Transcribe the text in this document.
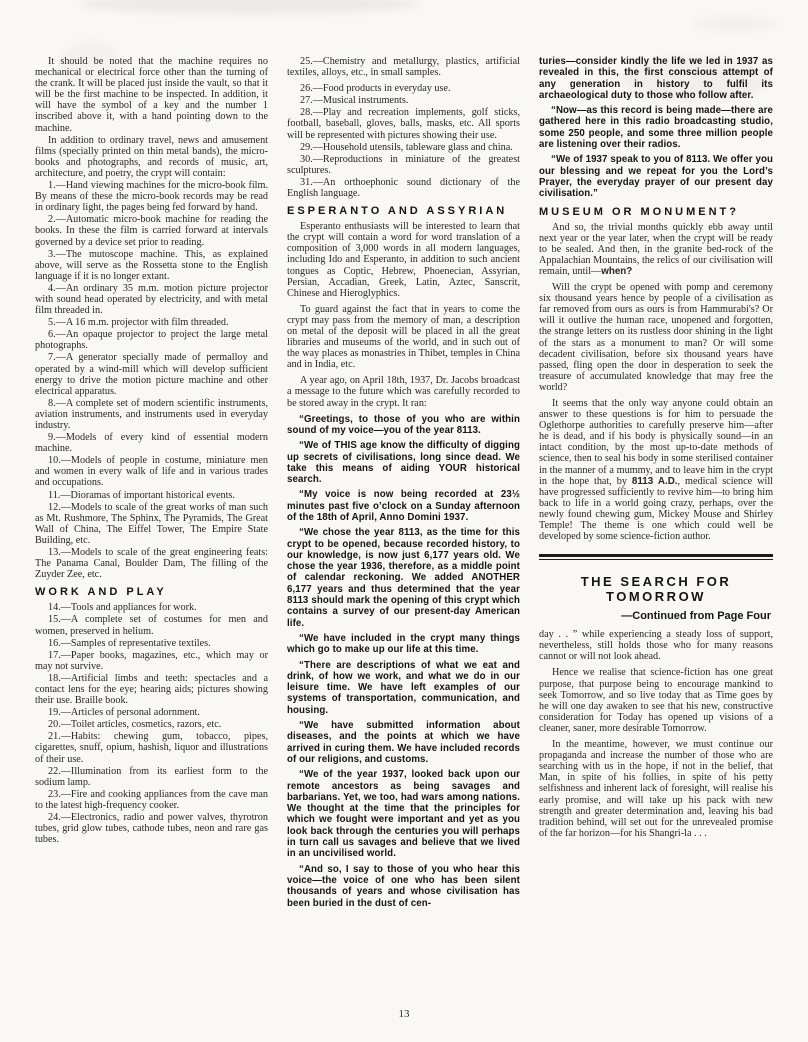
It should be noted that the machine requires no mechanical or electrical force other than the turning of the crank. It will be placed just inside the vault, so that it will be the first machine to be inspected. In addition, it will have the symbol of a key and the number 1 inscribed above it, with a hand pointing down to the machine.

In addition to ordinary travel, news and amusement films (specially printed on thin metal bands), the micro-books and photographs, and records of music, art, architecture, and poetry, the crypt will contain:

1.—Hand viewing machines for the micro-book film. By means of these the micro-book records may be read in ordinary light, the pages being fed forward by hand.

2.—Automatic micro-book machine for reading the books. In these the film is carried forward at intervals governed by a device set prior to reading.

3.—The mutoscope machine. This, as explained above, will serve as the Rossetta stone to the English language if it is no longer extant.

4.—An ordinary 35 m.m. motion picture projector with sound head operated by electricity, and with metal film threaded in.

5.—A 16 m.m. projector with film threaded.

6.—An opaque projector to project the large metal photographs.

7.—A generator specially made of permalloy and operated by a wind-mill which will develop sufficient energy to drive the motion picture machine and other electrical apparatus.

8.—A complete set of modern scientific instruments, aviation instruments, and instruments used in everyday industry.

9.—Models of every kind of essential modern machine.

10.—Models of people in costume, miniature men and women in every walk of life and in various trades and occupations.

11.—Dioramas of important historical events.

12.—Models to scale of the great works of man such as Mt. Rushmore, The Sphinx, The Pyramids, The Great Wall of China, The Eiffel Tower, The Empire State Building, etc.

13.—Models to scale of the great engineering feats: The Panama Canal, Boulder Dam, The filling of the Zuyder Zee, etc.

WORK AND PLAY

14.—Tools and appliances for work.

15.—A complete set of costumes for men and women, preserved in helium.

16.—Samples of representative textiles.

17.—Paper books, magazines, etc., which may or may not survive.

18.—Artificial limbs and teeth: spectacles and a contact lens for the eye; hearing aids; pictures showing their use. Braille book.

19.—Articles of personal adornment.

20.—Toilet articles, cosmetics, razors, etc.

21.—Habits: chewing gum, tobacco, pipes, cigarettes, snuff, opium, hashish, liquor and illustrations of their use.

22.—Illumination from its earliest form to the sodium lamp.

23.—Fire and cooking appliances from the cave man to the latest high-frequency cooker.

24.—Electronics, radio and power valves, thyrotron tubes, grid glow tubes, cathode tubes, neon and rare gas tubes.

25.—Chemistry and metallurgy, plastics, artificial textiles, alloys, etc., in small samples.

26.—Food products in everyday use.

27.—Musical instruments.

28.—Play and recreation implements, golf sticks, football, baseball, gloves, balls, masks, etc. All sports will be represented with pictures showing their use.

29.—Household utensils, tableware glass and china.

30.—Reproductions in miniature of the greatest sculptures.

31.—An orthoephonic sound dictionary of the English language.

ESPERANTO AND ASSYRIAN

Esperanto enthusiasts will be interested to learn that the crypt will contain a word for word translation of a composition of 3,000 words in all modern languages, including Ido and Esperanto, in addition to such ancient tongues as Coptic, Hebrew, Phoenecian, Assyrian, Persian, Accadian, Greek, Latin, Aztec, Sanscrit, Chinese and Hieroglyphics.

To guard against the fact that in years to come the crypt may pass from the memory of man, a description on metal of the deposit will be placed in all the great libraries and museums of the world, and in such out of the way places as monastries in Thibet, temples in China and in India, etc.

A year ago, on April 18th, 1937, Dr. Jacobs broadcast a message to the future which was carefully recorded to be stored away in the crypt. It ran:

“Greetings, to those of you who are within sound of my voice—you of the year 8113.

“We of THIS age know the difficulty of digging up secrets of civilisations, long since dead. We take this means of aiding YOUR historical search.

“My voice is now being recorded at 23½ minutes past five o’clock on a Sunday afternoon of the 18th of April, Anno Domini 1937.

“We chose the year 8113, as the time for this crypt to be opened, because recorded history, to our knowledge, is now just 6,177 years old. We chose the year 1936, therefore, as a middle point of calendar reckoning. We added ANOTHER 6,177 years and thus determined that the year 8113 should mark the opening of this crypt which contains a survey of our present-day American life.

“We have included in the crypt many things which go to make up our life at this time.

“There are descriptions of what we eat and drink, of how we work, and what we do in our leisure time. We have left examples of our systems of transportation, communication, and housing.

“We have submitted information about diseases, and the points at which we have arrived in curing them. We have included records of our religions, and customs.

“We of the year 1937, looked back upon our remote ancestors as being savages and barbarians. Yet, we too, had wars among nations. We thought at the time that the principles for which we fought were important and yet as you look back through the centuries you will perhaps in turn call us savages and believe that we lived in an uncivilised world.

“And so, I say to those of you who hear this voice—the voice of one who has been silent thousands of years and whose civilisation has been buried in the dust of cen-

turies—consider kindly the life we led in 1937 as revealed in this, the first conscious attempt of any generation in history to fulfil its archaeological duty to those who follow after.

“Now—as this record is being made—there are gathered here in this radio broadcasting studio, some 250 people, and some three million people are listening over their radios.

“We of 1937 speak to you of 8113. We offer you our blessing and we repeat for you the Lord’s Prayer, the everyday prayer of our present day civilisation.”

MUSEUM OR MONUMENT?

And so, the trivial months quickly ebb away until next year or the year later, when the crypt will be ready to be sealed. And then, in the granite bed-rock of the Appalachian Mountains, the relics of our civilisation will remain, until—when?

Will the crypt be opened with pomp and ceremony six thousand years hence by people of a civilisation as far removed from ours as ours is from Hammurabi's? Or will it outlive the human race, unopened and forgotten, the strange letters on its rustless door shining in the light of the stars as a monument to man? Or will some decadent civilisation, before six thousand years have passed, fling open the door in desperation to seek the treasure of accumulated knowledge that may free the world?

It seems that the only way anyone could obtain an answer to these questions is for him to persuade the Oglethorpe authorities to carefully preserve him—after he is dead, and if his body is physically sound—in an intact condition, by the most up-to-date methods of science, then to seal his body in some sterilised container in the manner of a mummy, and to leave him in the crypt in the hope that, by 8113 A.D., medical science will have progressed sufficiently to revive him—to bring him back to life in a world going crazy, perhaps, over the newly found chewing gum, Mickey Mouse and Shirley Temple! The theme is one which could well be developed by some science-fiction author.

THE SEARCH FOR TOMORROW

—Continued from Page Four

day . . ” while experiencing a steady loss of support, nevertheless, still holds those who for many reasons cannot or will not look ahead.

Hence we realise that science-fiction has one great purpose, that purpose being to encourage mankind to seek Tomorrow, and so live today that as Time goes by he will one day awaken to see that his new, constructive consideration for Today has opened up visions of a cleaner, saner, more desirable Tomorrow.

In the meantime, however, we must continue our propaganda and increase the number of those who are searching with us in the hope, if not in the belief, that Man, in spite of his follies, in spite of his petty selfishness and inherent lack of foresight, will realise his early promise, and will take up his pack with new strength and greater determination and, leaving his bad tradition behind, will set out for the unrevealed promise of the far horizon—for his Shangri-la . . .

13
